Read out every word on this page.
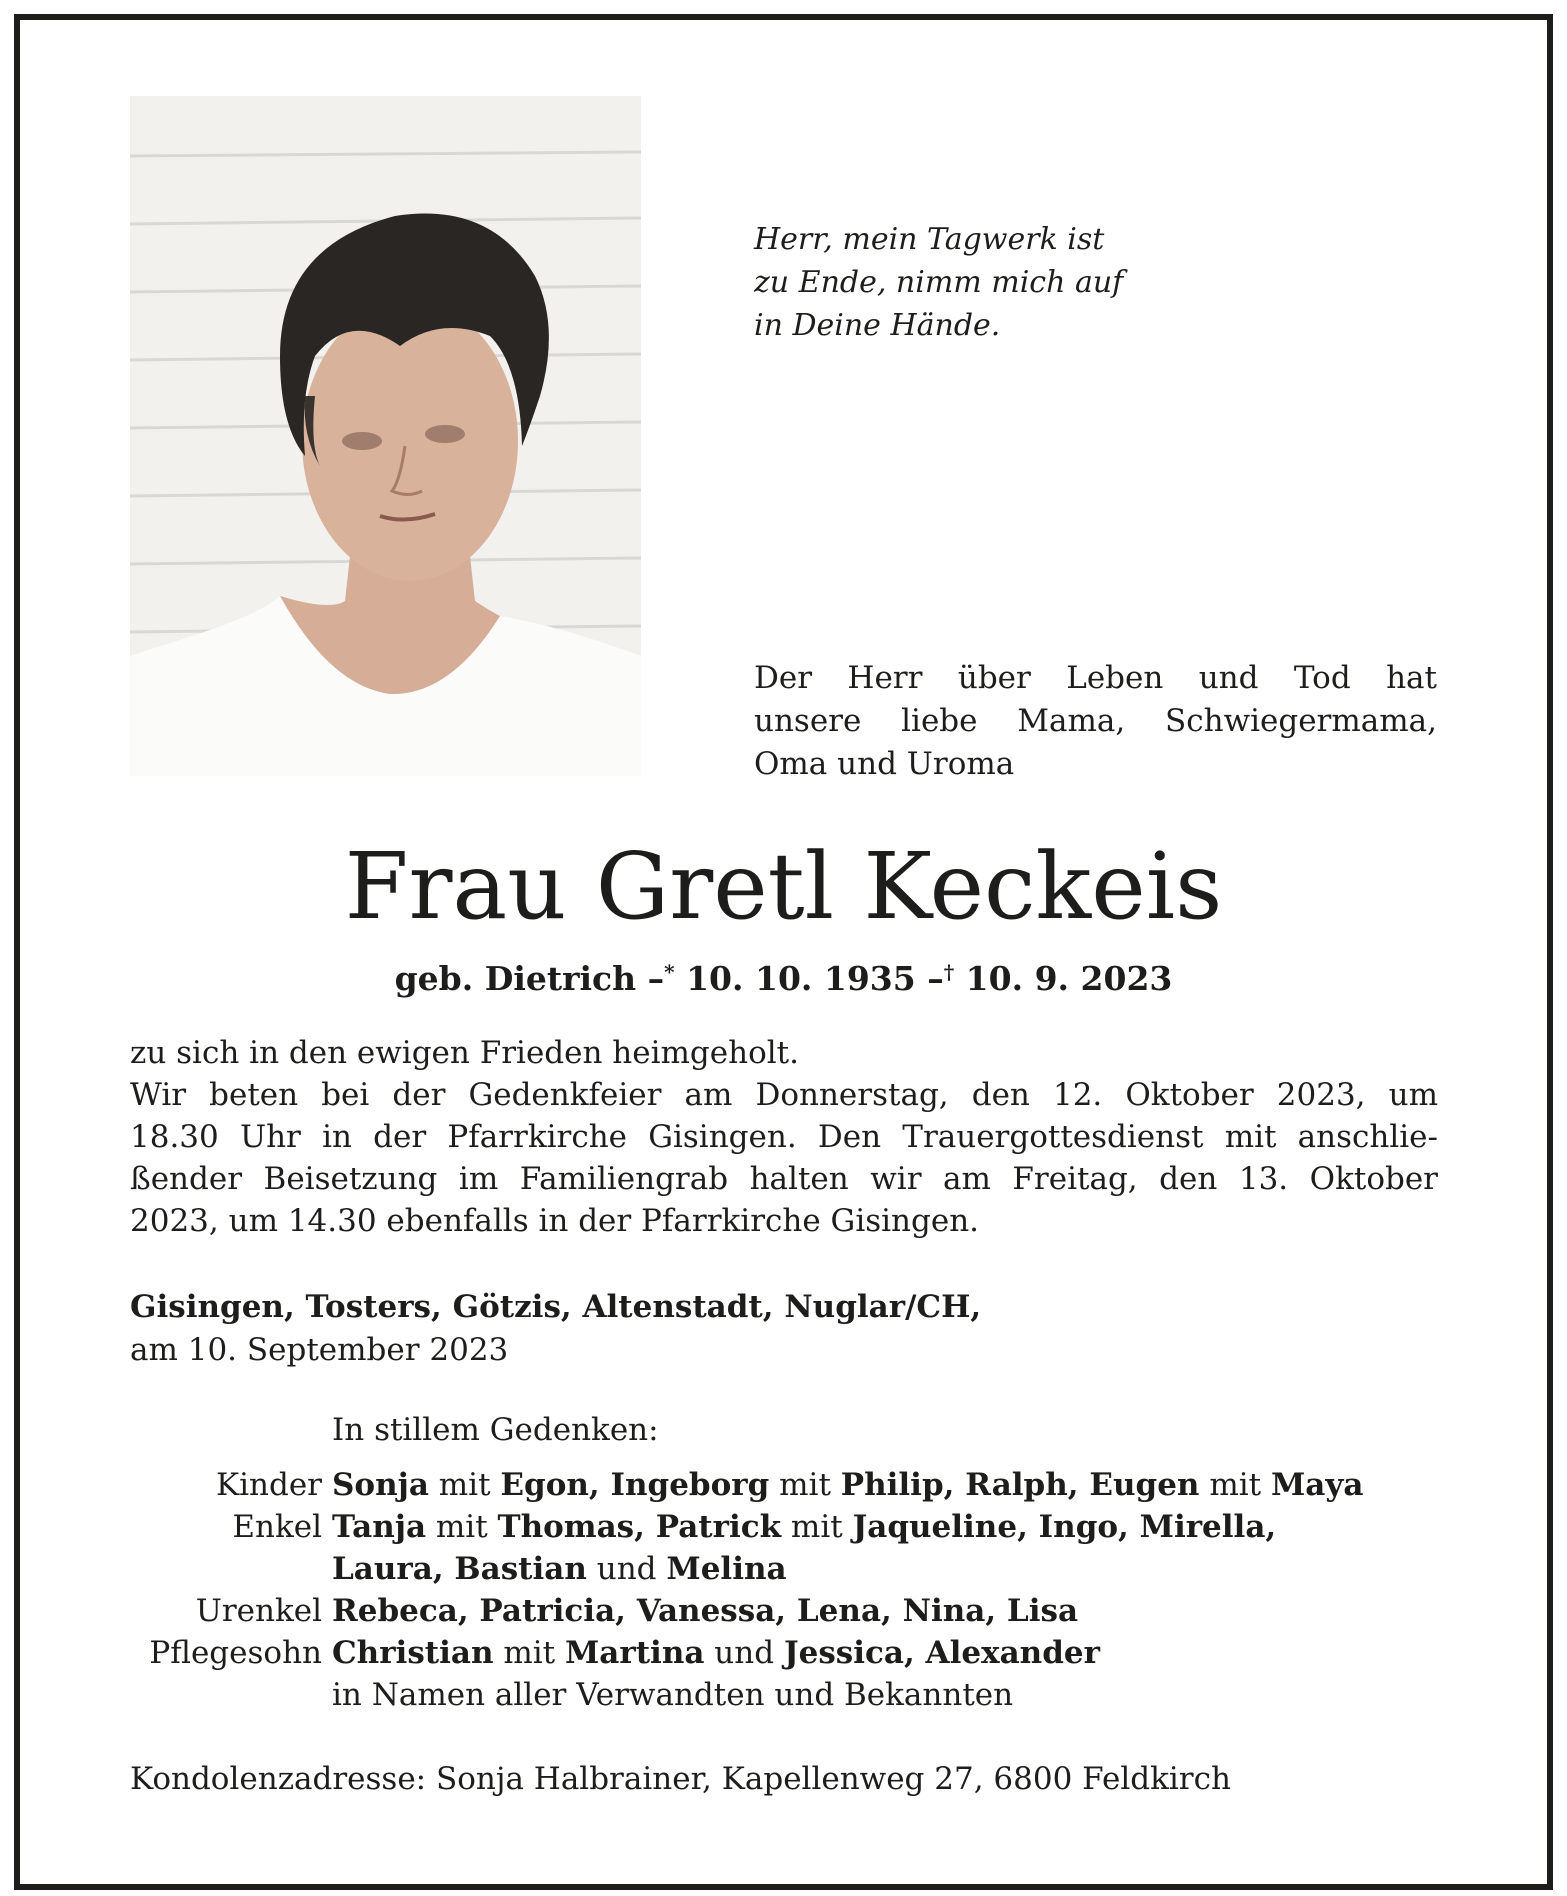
Herr, mein Tagwerk ist
zu Ende, nimm mich auf
in Deine Hände.
Der Herr über Leben und Tod hat
unsere liebe Mama, Schwiegermama,
Oma und Uroma
Frau Gretl Keckeis
geb. Dietrich –* 10. 10. 1935 –† 10. 9. 2023
zu sich in den ewigen Frieden heimgeholt.
Wir beten bei der Gedenkfeier am Donnerstag, den 12. Oktober 2023, um
18.30 Uhr in der Pfarrkirche Gisingen. Den Trauergottesdienst mit anschlie-
ßender Beisetzung im Familiengrab halten wir am Freitag, den 13. Oktober
2023, um 14.30 ebenfalls in der Pfarrkirche Gisingen.
Gisingen, Tosters, Götzis, Altenstadt, Nuglar/CH,
am 10. September 2023
In stillem Gedenken:
Kinder Sonja mit Egon, Ingeborg mit Philip, Ralph, Eugen mit Maya
Enkel Tanja mit Thomas, Patrick mit Jaqueline, Ingo, Mirella,
Laura, Bastian und Melina
Urenkel Rebeca, Patricia, Vanessa, Lena, Nina, Lisa
Pflegesohn Christian mit Martina und Jessica, Alexander
in Namen aller Verwandten und Bekannten
Kondolenzadresse: Sonja Halbrainer, Kapellenweg 27, 6800 Feldkirch
